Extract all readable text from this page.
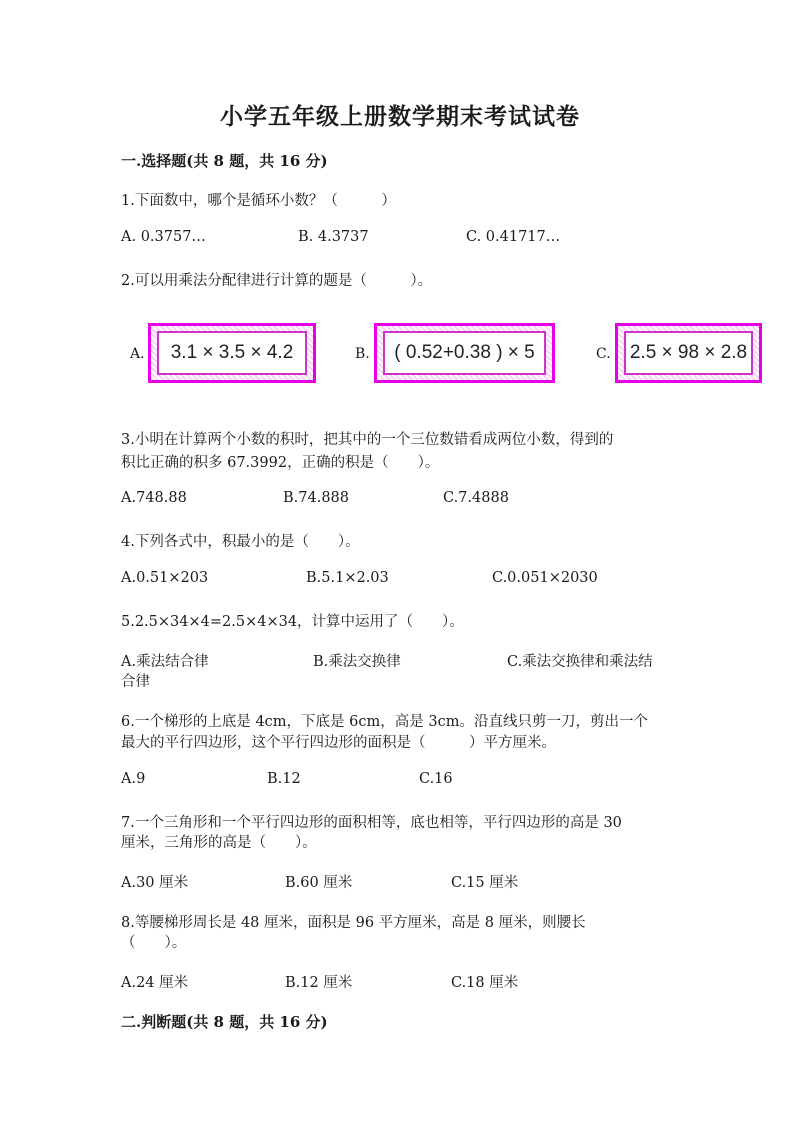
小学五年级上册数学期末考试试卷
一.选择题(共 8 题，共 16 分)
1.下面数中，哪个是循环小数？（　　　）
A. 0.3757…	B. 4.3737	C. 0.41717…
2.可以用乘法分配律进行计算的题是（　　　）。
A.	3.1 × 3.5 × 4.2	B.	( 0.52+0.38 ) × 5	C.	2.5 × 98 × 2.8
3.小明在计算两个小数的积时，把其中的一个三位数错看成两位小数，得到的
积比正确的积多 67.3992，正确的积是（　　）。
A.748.88	B.74.888	C.7.4888
4.下列各式中，积最小的是（　　）。
A.0.51×203	B.5.1×2.03	C.0.051×2030
5.2.5×34×4=2.5×4×34，计算中运用了（　　）。
A.乘法结合律	B.乘法交换律	C.乘法交换律和乘法结
合律
6.一个梯形的上底是 4cm，下底是 6cm，高是 3cm。沿直线只剪一刀，剪出一个
最大的平行四边形，这个平行四边形的面积是（　　　）平方厘米。
A.9	B.12	C.16
7.一个三角形和一个平行四边形的面积相等，底也相等，平行四边形的高是 30
厘米，三角形的高是（　　）。
A.30 厘米	B.60 厘米	C.15 厘米
8.等腰梯形周长是 48 厘米，面积是 96 平方厘米，高是 8 厘米，则腰长
（　　）。
A.24 厘米	B.12 厘米	C.18 厘米
二.判断题(共 8 题，共 16 分)
